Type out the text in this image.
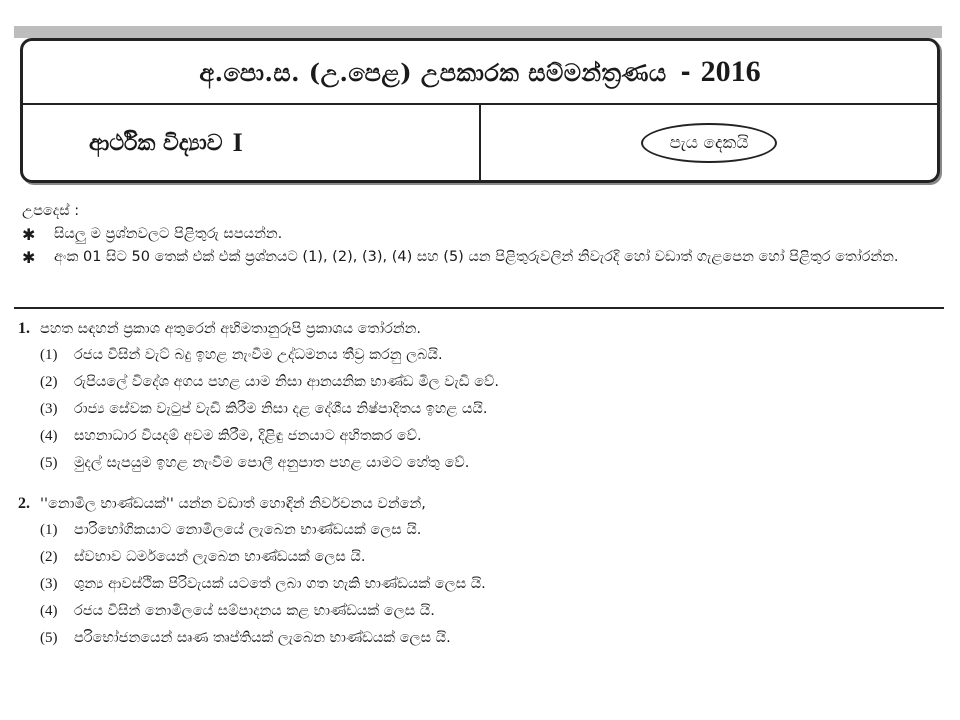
අ.පො.ස. (උ.පෙළ) උපකාරක සම්මන්ත්‍රණය - 2016
ආර්ථික විද්‍යාව I	පැය දෙකයි
උපදෙස් :
✱	සියලු ම ප්‍රශ්නවලට පිළිතුරු සපයන්න.
✱	අංක 01 සිට 50 තෙක් එක් එක් ප්‍රශ්නයට (1), (2), (3), (4) සහ (5) යන පිළිතුරුවලින් නිවැරදි හෝ වඩාත් ගැළපෙන හෝ පිළිතුර තෝරන්න.
1. පහත සඳහන් ප්‍රකාශ අතුරෙන් අභිමතානුරූපි ප්‍රකාශය තෝරන්න.
(1)	රජය විසින් වැට් බදු ඉහළ නැංවීම උද්ධමනය තීව්‍ර කරනු ලබයි.
(2)	රුපියලේ විදේශ අගය පහළ යාම නිසා ආනයනික භාණ්ඩ මිල වැඩි වේ.
(3)	රාජ්‍ය සේවක වැටුප් වැඩි කිරීම නිසා දළ දේශීය නිෂ්පාදිතය ඉහළ යයි.
(4)	සහනාධාර වියදම් අවම කිරීම, දිළිඳු ජනයාට අහිතකර වේ.
(5)	මුදල් සැපයුම ඉහළ නැංවීම පොලී අනුපාත පහළ යාමට හේතු වේ.
2. ''නොමිල භාණ්ඩයක්'' යන්න වඩාත් හොඳින් නිර්වචනය වන්නේ,
(1)	පාරිභෝගිකයාට නොමිලයේ ලැබෙන භාණ්ඩයක් ලෙස යි.
(2)	ස්වභාව ධර්මයෙන් ලැබෙන භාණ්ඩයක් ලෙස යි.
(3)	ශුන්‍ය ආවස්ථික පිරිවැයක් යටතේ ලබා ගත හැකි භාණ්ඩයක් ලෙස යි.
(4)	රජය විසින් නොමිලයේ සම්පාදනය කළ භාණ්ඩයක් ලෙස යි.
(5)	පරිභෝජනයෙන් සෘණ තෘප්තියක් ලැබෙන භාණ්ඩයක් ලෙස යි.
